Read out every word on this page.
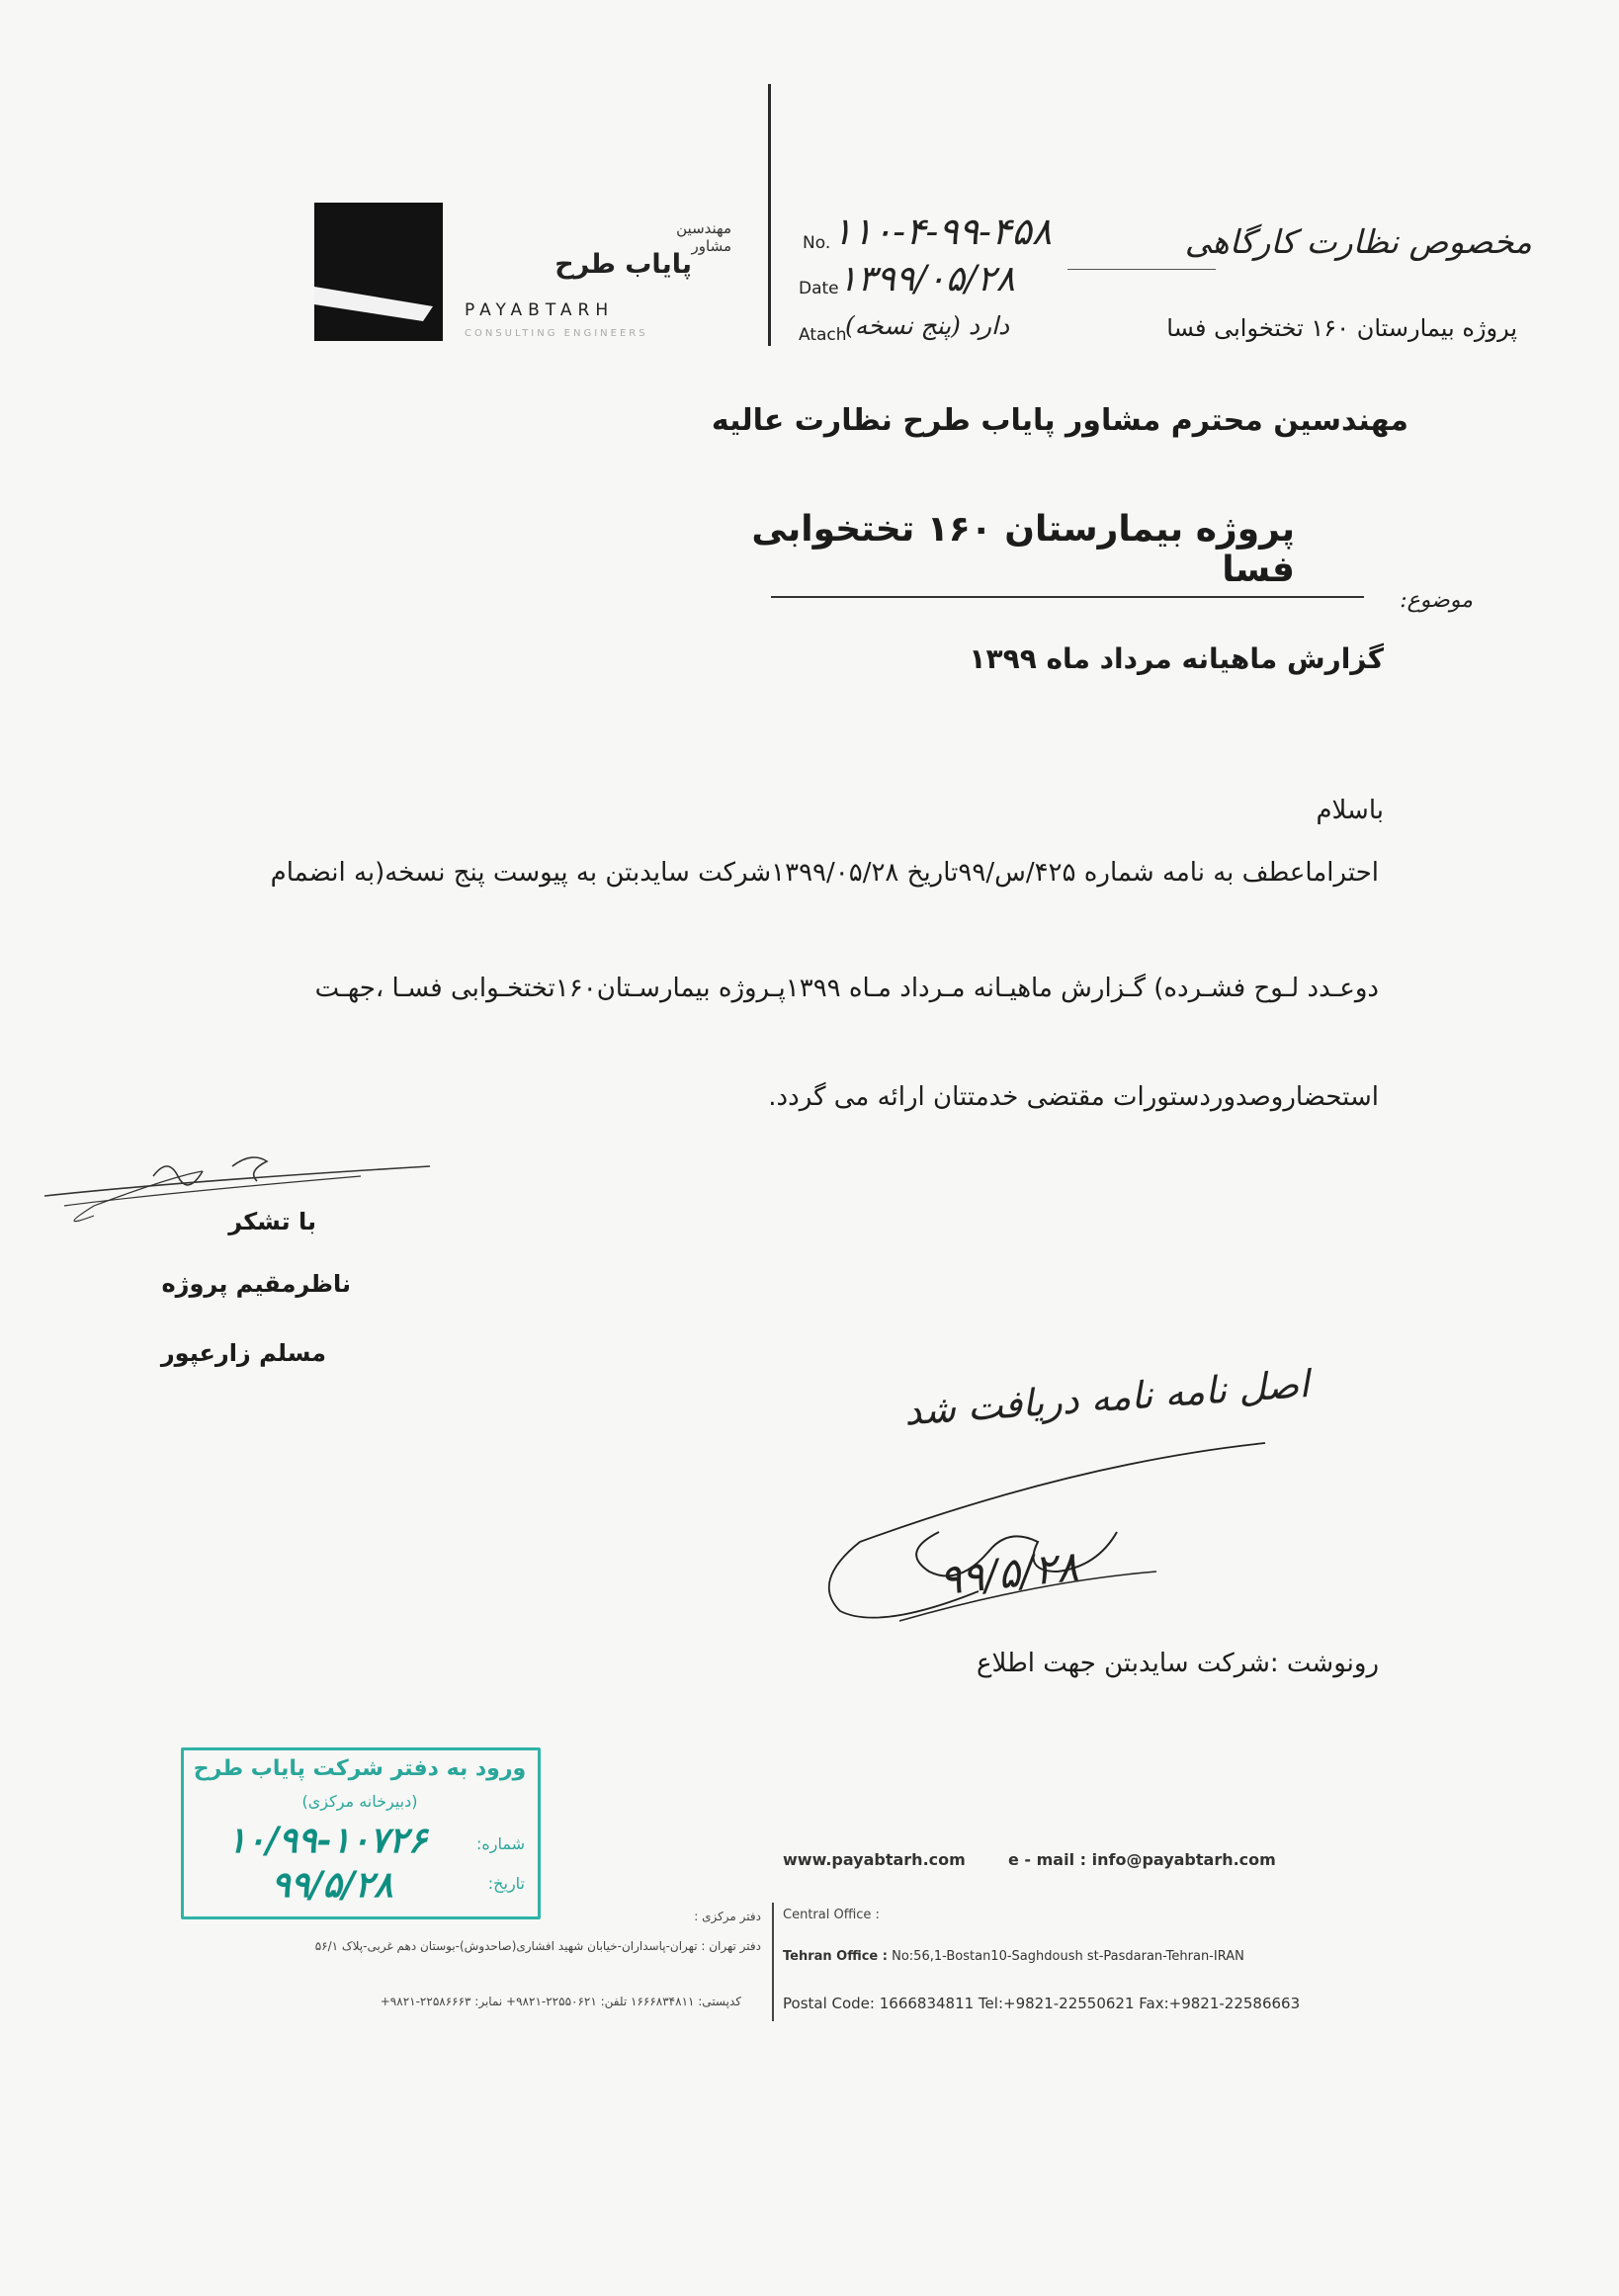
مهندسین مشاور
پایاب طرح
PAYABTARH
CONSULTING ENGINEERS
No. ۱۱۰-۴-۹۹-۴۵۸
Date ۱۳۹۹/۰۵/۲۸
Atach
دارد (پنج نسخه)
مخصوص نظارت کارگاهی
پروژه بیمارستان ۱۶۰ تختخوابی فسا
مهندسین محترم مشاور پایاب طرح نظارت عالیه
پروژه بیمارستان ۱۶۰ تختخوابی فسا
موضوع:
گزارش ماهیانه مرداد ماه ۱۳۹۹
باسلام
احتراماعطف به نامه شماره ۴۲۵/س/۹۹تاریخ ۱۳۹۹/۰۵/۲۸شرکت سایدبتن به پیوست پنج نسخه(به انضمام
دوعـدد لـوح فشـرده) گـزارش ماهیـانه مـرداد مـاه ۱۳۹۹پـروژه بیمارسـتان۱۶۰تختخـوابی فسـا ،جهـت
استحضاروصدوردستورات مقتضی خدمتتان ارائه می گردد.
با تشکر
ناظرمقیم پروژه
مسلم زارعپور
اصل نامه نامه دریافت شد
۹۹/۵/۲۸
رونوشت :شرکت سایدبتن جهت اطلاع
ورود به دفتر شرکت پایاب طرح
(دبیرخانه مرکزی)
شماره:
۱۰/۹۹-۱۰۷۲۶
تاریخ:
۹۹/۵/۲۸
www.payabtarh.com	e - mail : info@payabtarh.com
Central Office :
Tehran Office : No:56,1-Bostan10-Saghdoush st-Pasdaran-Tehran-IRAN
Postal Code: 1666834811 Tel:+9821-22550621 Fax:+9821-22586663
دفتر مرکزی :
دفتر تهران : تهران-پاسداران-خیابان شهید افشاری(صاحدوش)-بوستان دهم غربی-پلاک ۵۶/۱
کدپستی: ۱۶۶۶۸۳۴۸۱۱ تلفن: ۲۲۵۵۰۶۲۱-۹۸۲۱+ نمابر: ۲۲۵۸۶۶۶۳-۹۸۲۱+
